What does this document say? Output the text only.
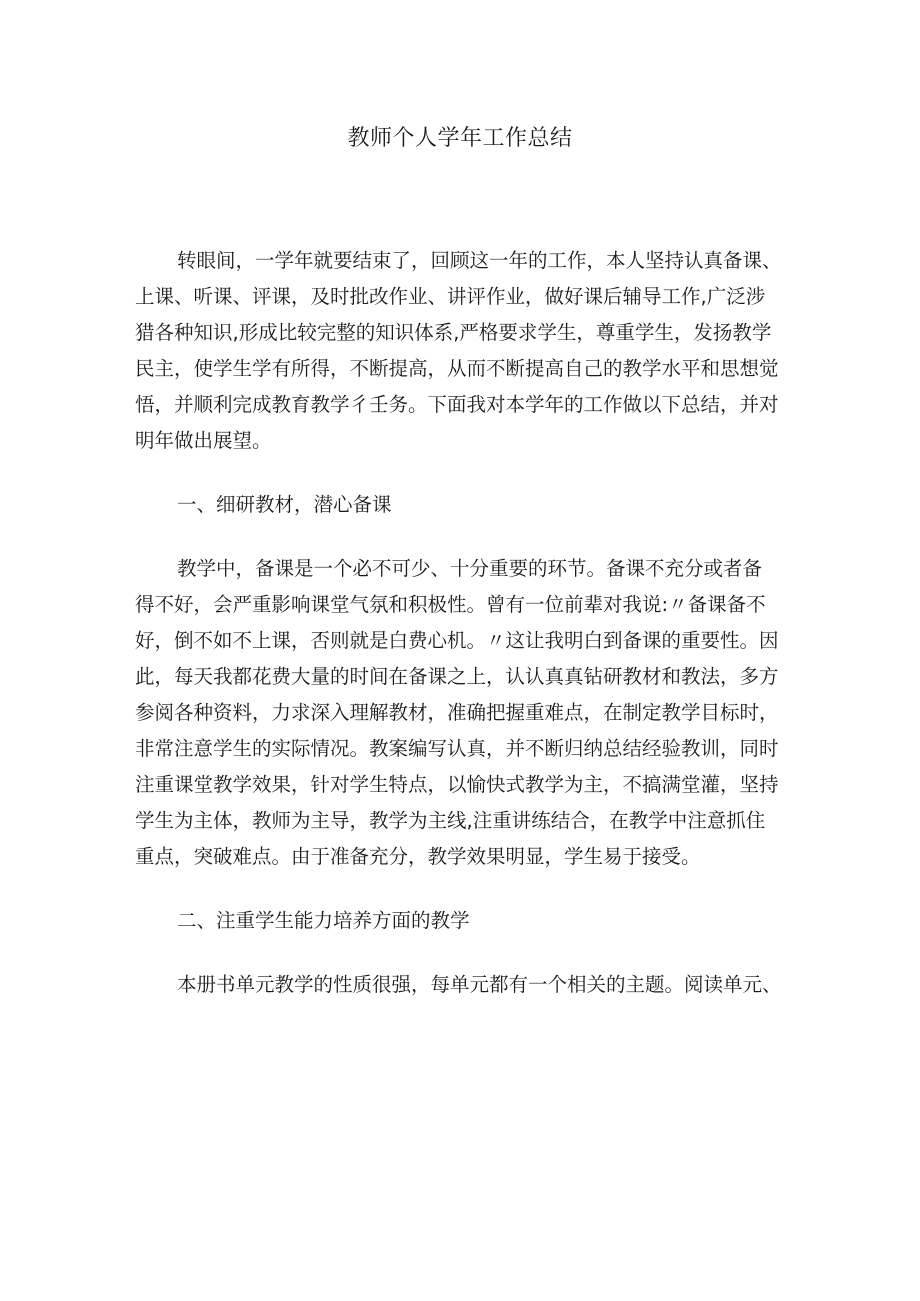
教师个人学年工作总结
转眼间，一学年就要结束了，回顾这一年的工作，本人坚持认真备课、
上课、听课、评课，及时批改作业、讲评作业，做好课后辅导工作,广泛涉
猎各种知识,形成比较完整的知识体系,严格要求学生，尊重学生，发扬教学
民主，使学生学有所得，不断提高，从而不断提高自己的教学水平和思想觉
悟，并顺利完成教育教学彳壬务。下面我对本学年的工作做以下总结，并对
明年做出展望。
一、细研教材，潜心备课
教学中，备课是一个必不可少、十分重要的环节。备课不充分或者备
得不好，会严重影响课堂气氛和积极性。曾有一位前辈对我说:〃备课备不
好，倒不如不上课，否则就是白费心机。〃这让我明白到备课的重要性。因
此，每天我都花费大量的时间在备课之上，认认真真钻研教材和教法，多方
参阅各种资料，力求深入理解教材，准确把握重难点，在制定教学目标时，
非常注意学生的实际情况。教案编写认真，并不断归纳总结经验教训，同时
注重课堂教学效果，针对学生特点，以愉快式教学为主，不搞满堂灌，坚持
学生为主体，教师为主导，教学为主线,注重讲练结合，在教学中注意抓住
重点，突破难点。由于准备充分，教学效果明显，学生易于接受。
二、注重学生能力培养方面的教学
本册书单元教学的性质很强，每单元都有一个相关的主题。阅读单元、
